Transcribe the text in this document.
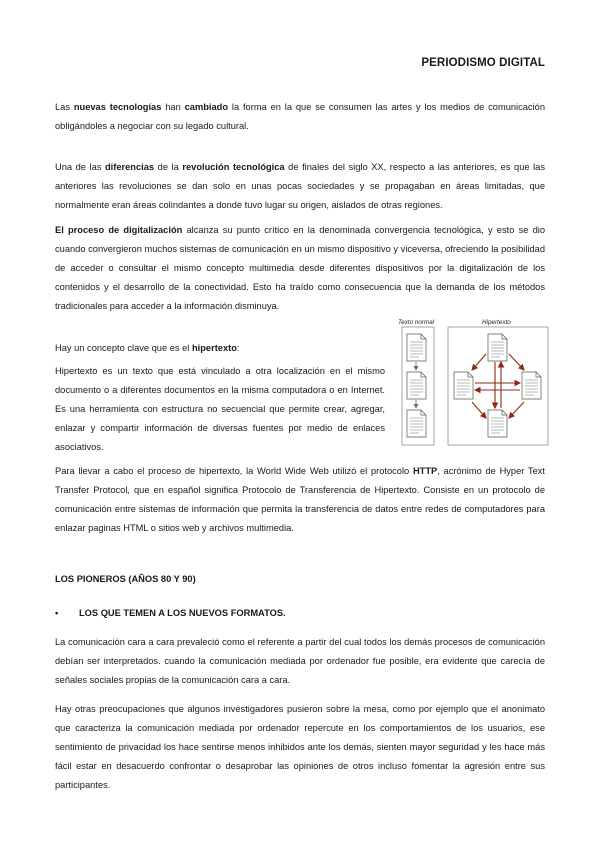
PERIODISMO DIGITAL

Las nuevas tecnologías han cambiado la forma en la que se consumen las artes y los medios de comunicación obligándoles a negociar con su legado cultural.

Una de las diferencias de la revolución tecnológica de finales del siglo XX, respecto a las anteriores, es que las anteriores las revoluciones se dan solo en unas pocas sociedades y se propagaban en áreas limitadas, que normalmente eran áreas colindantes a donde tuvo lugar su origen, aislados de otras regiones.

El proceso de digitalización alcanza su punto crítico en la denominada convergencia tecnológica, y esto se dio cuando convergieron muchos sistemas de comunicación en un mismo dispositivo y viceversa, ofreciendo la posibilidad de acceder o consultar el mismo concepto multimedia desde diferentes dispositivos por la digitalización de los contenidos y el desarrollo de la conectividad. Esto ha traído como consecuencia que la demanda de los métodos tradicionales para acceder a la información disminuya.

Hay un concepto clave que es el hipertexto:

Hipertexto es un texto que está vinculado a otra localización en el mismo documento o a diferentes documentos en la misma computadora o en Internet. Es una herramienta con estructura no secuencial que permite crear, agregar, enlazar y compartir información de diversas fuentes por medio de enlaces asociativos.

Texto normal	Hipertexto

Para llevar a cabo el proceso de hipertexto, la World Wide Web utilizó el protocolo HTTP, acrónimo de Hyper Text Transfer Protocol, que en español significa Protocolo de Transferencia de Hipertexto. Consiste en un protocolo de comunicación entre sistemas de información que permita la transferencia de datos entre redes de computadores para enlazar paginas HTML o sitios web y archivos multimedia.

LOS PIONEROS (AÑOS 80 Y 90)
• LOS QUE TEMEN A LOS NUEVOS FORMATOS.

La comunicación cara a cara prevaleció como el referente a partir del cual todos los demás procesos de comunicación debían ser interpretados. cuando la comunicación mediada por ordenador fue posible, era evidente que carecía de señales sociales propias de la comunicación cara a cara.

Hay otras preocupaciones que algunos investigadores pusieron sobre la mesa, como por ejemplo que el anonimato que caracteriza la comunicación mediada por ordenador repercute en los comportamientos de los usuarios, ese sentimiento de privacidad los hace sentirse menos inhibidos ante los demás, sienten mayor seguridad y les hace más fácil estar en desacuerdo confrontar o desaprobar las opiniones de otros incluso fomentar la agresión entre sus participantes.
